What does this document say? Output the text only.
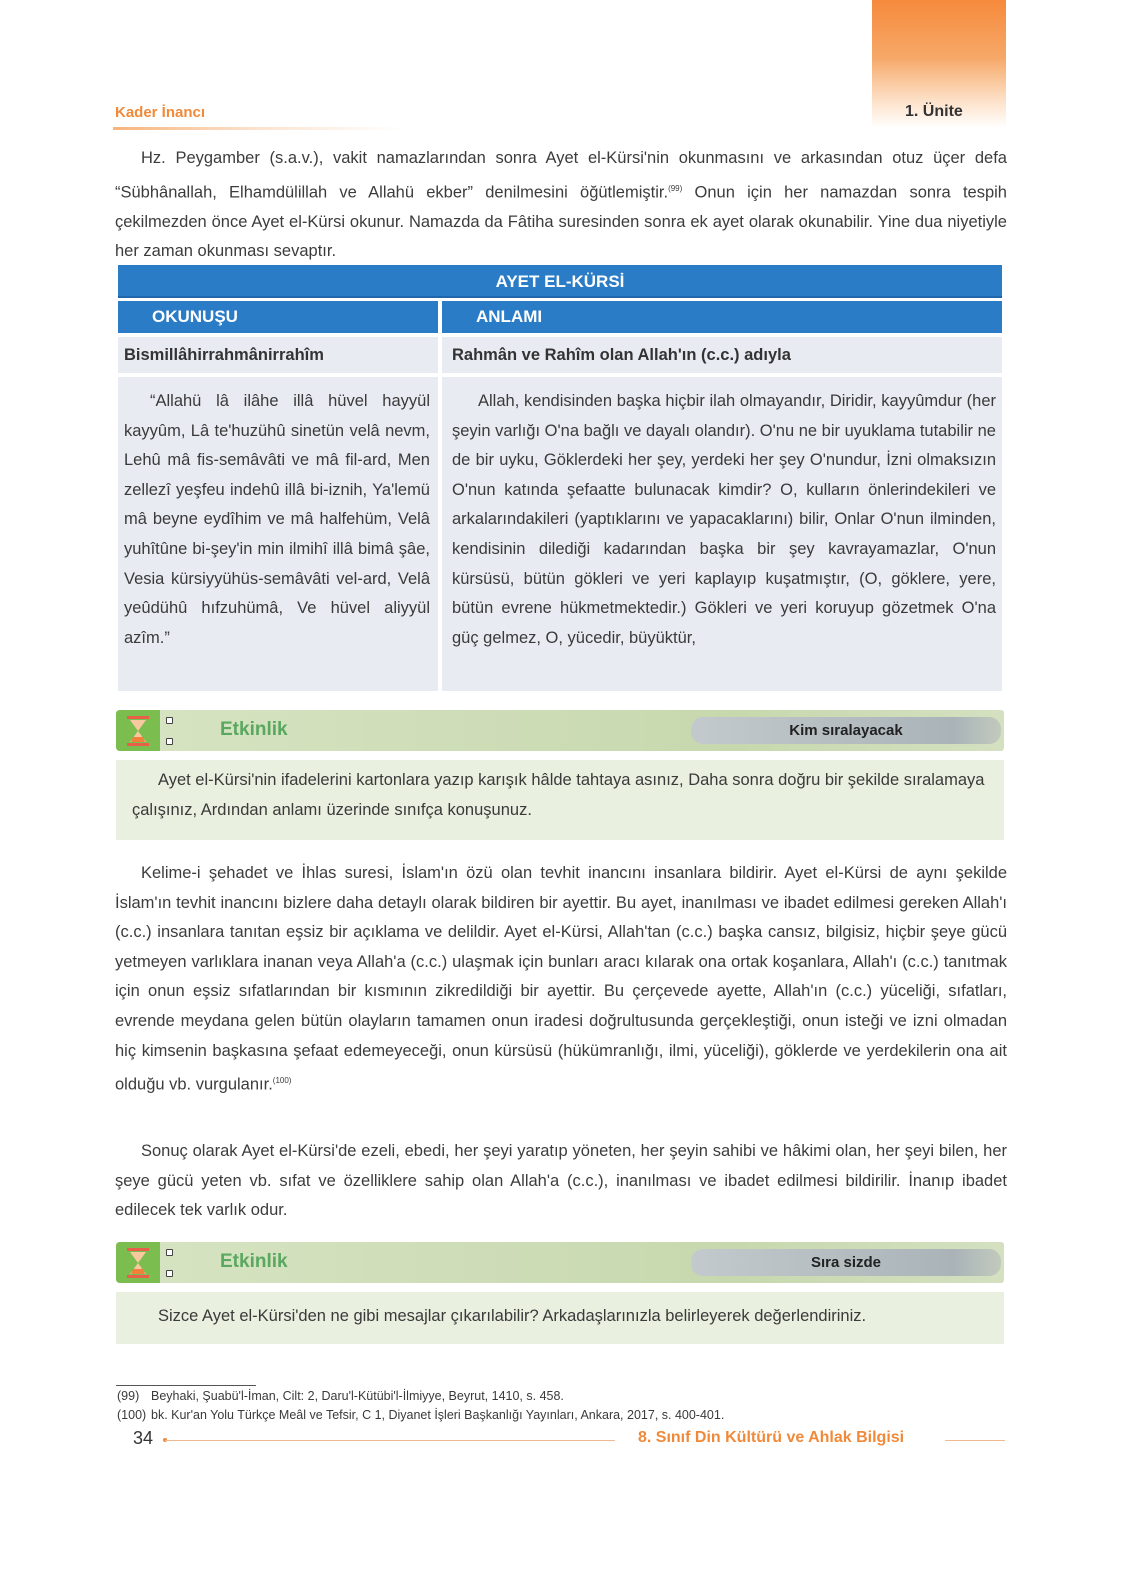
1. Ünite
Kader İnancı

Hz. Peygamber (s.a.v.), vakit namazlarından sonra Ayet el-Kürsi'nin okunmasını ve arkasından otuz üçer defa “Sübhânallah, Elhamdülillah ve Allahü ekber” denilmesini öğütlemiştir.$^{(99)}$ Onun için her namazdan sonra tespih çekilmezden önce Ayet el-Kürsi okunur. Namazda da Fâtiha suresinden sonra ek ayet olarak okunabilir. Yine dua niyetiyle her zaman okunması sevaptır.

AYET EL-KÜRSİ
OKUNUŞU	ANLAMI
Bismillâhirrahmânirrahîm	Rahmân ve Rahîm olan Allah'ın (c.c.) adıyla

“Allahü lâ ilâhe illâ hüvel hayyül kayyûm, Lâ te'huzühû sinetün velâ nevm, Lehû mâ fis-semâvâti ve mâ fil-ard, Men zellezî yeşfeu indehû illâ bi-iznih, Ya'lemü mâ beyne eydîhim ve mâ halfehüm, Velâ yuhîtûne bi-şey'in min ilmihî illâ bimâ şâe, Vesia kürsiyyühüs-semâvâti vel-ard, Velâ yeûdühû hıfzuhümâ, Ve hüvel aliyyül azîm.”

Allah, kendisinden başka hiçbir ilah olmayandır, Diridir, kayyûmdur (her şeyin varlığı O'na bağlı ve dayalı olandır). O'nu ne bir uyuklama tutabilir ne de bir uyku, Göklerdeki her şey, yerdeki her şey O'nundur, İzni olmaksızın O'nun katında şefaatte bulunacak kimdir? O, kulların önlerindekileri ve arkalarındakileri (yaptıklarını ve yapacaklarını) bilir, Onlar O'nun ilminden, kendisinin dilediği kadarından başka bir şey kavrayamazlar, O'nun kürsüsü, bütün gökleri ve yeri kaplayıp kuşatmıştır, (O, göklere, yere, bütün evrene hükmetmektedir.) Gökleri ve yeri koruyup gözetmek O'na güç gelmez, O, yücedir, büyüktür,

Etkinlik	Kim sıralayacak

Ayet el-Kürsi'nin ifadelerini kartonlara yazıp karışık hâlde tahtaya asınız, Daha sonra doğru bir şekilde sıralamaya çalışınız, Ardından anlamı üzerinde sınıfça konuşunuz.

Kelime-i şehadet ve İhlas suresi, İslam'ın özü olan tevhit inancını insanlara bildirir. Ayet el-Kürsi de aynı şekilde İslam'ın tevhit inancını bizlere daha detaylı olarak bildiren bir ayettir. Bu ayet, inanılması ve ibadet edilmesi gereken Allah'ı (c.c.) insanlara tanıtan eşsiz bir açıklama ve delildir. Ayet el-Kürsi, Allah'tan (c.c.) başka cansız, bilgisiz, hiçbir şeye gücü yetmeyen varlıklara inanan veya Allah'a (c.c.) ulaşmak için bunları aracı kılarak ona ortak koşanlara, Allah'ı (c.c.) tanıtmak için onun eşsiz sıfatlarından bir kısmının zikredildiği bir ayettir. Bu çerçevede ayette, Allah'ın (c.c.) yüceliği, sıfatları, evrende meydana gelen bütün olayların tamamen onun iradesi doğrultusunda gerçekleştiği, onun isteği ve izni olmadan hiç kimsenin başkasına şefaat edemeyeceği, onun kürsüsü (hükümranlığı, ilmi, yüceliği), göklerde ve yerdekilerin ona ait olduğu vb. vurgulanır.$^{(100)}$

Sonuç olarak Ayet el-Kürsi'de ezeli, ebedi, her şeyi yaratıp yöneten, her şeyin sahibi ve hâkimi olan, her şeyi bilen, her şeye gücü yeten vb. sıfat ve özelliklere sahip olan Allah'a (c.c.), inanılması ve ibadet edilmesi bildirilir. İnanıp ibadet edilecek tek varlık odur.

Etkinlik	Sıra sizde

Sizce Ayet el-Kürsi'den ne gibi mesajlar çıkarılabilir? Arkadaşlarınızla belirleyerek değerlendiriniz.

(99) Beyhaki, Şuabü'l-İman, Cilt: 2, Daru'l-Kütübi'l-İlmiyye, Beyrut, 1410, s. 458.
(100) bk. Kur'an Yolu Türkçe Meâl ve Tefsir, C 1, Diyanet İşleri Başkanlığı Yayınları, Ankara, 2017, s. 400-401.
34	8. Sınıf Din Kültürü ve Ahlak Bilgisi
